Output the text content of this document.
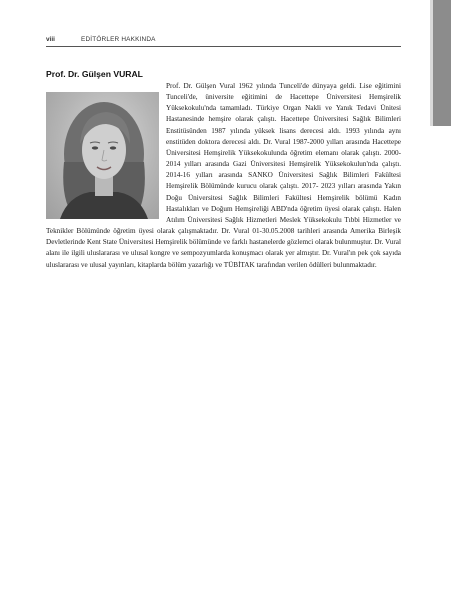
viii	EDİTÖRLER HAKKINDA
Prof. Dr. Gülşen VURAL

Prof. Dr. Gülşen Vural 1962 yılında Tunceli'de dünyaya geldi. Lise eğitimini Tunceli'de, üniversite eğitimini de Hacettepe Üniversitesi Hemşirelik Yüksekokulu'nda tamamladı. Türkiye Organ Nakli ve Yanık Tedavi Ünitesi Hastanesinde hemşire olarak çalıştı. Hacettepe Üniversitesi Sağlık Bilimleri Enstitüsünden 1987 yılında yüksek lisans derecesi aldı. 1993 yılında aynı enstitüden doktora derecesi aldı. Dr. Vural 1987-2000 yılları arasında Hacettepe Üniversitesi Hemşirelik Yüksekokulunda öğretim elemanı olarak çalıştı. 2000-2014 yılları arasında Gazi Üniversitesi Hemşirelik Yüksekokulun'nda çalıştı. 2014-16 yılları arasında SANKO Üniversitesi Sağlık Bilimleri Fakültesi Hemşirelik Bölümünde kurucu olarak çalıştı. 2017- 2023 yılları arasında Yakın Doğu Üniversitesi Sağlık Bilimleri Fakültesi Hemşirelik bölümü Kadın Hastalıkları ve Doğum Hemşireliği ABD'nda öğretim üyesi olarak çalıştı. Halen Atılım Üniversitesi Sağlık Hizmetleri Meslek Yüksekokulu Tıbbi Hizmetler ve Teknikler Bölümünde öğretim üyesi olarak çalışmaktadır. Dr. Vural 01-30.05.2008 tarihleri arasında Amerika Birleşik Devletlerinde Kent State Üniversitesi Hemşirelik bölümünde ve farklı hastanelerde gözlemci olarak bulunmuştur. Dr. Vural alanı ile ilgili uluslararası ve ulusal kongre ve sempozyumlarda konuşmacı olarak yer almıştır. Dr. Vural'ın pek çok sayıda uluslararası ve ulusal yayınları, kitaplarda bölüm yazarlığı ve TÜBİTAK tarafından verilen ödülleri bulunmaktadır.
